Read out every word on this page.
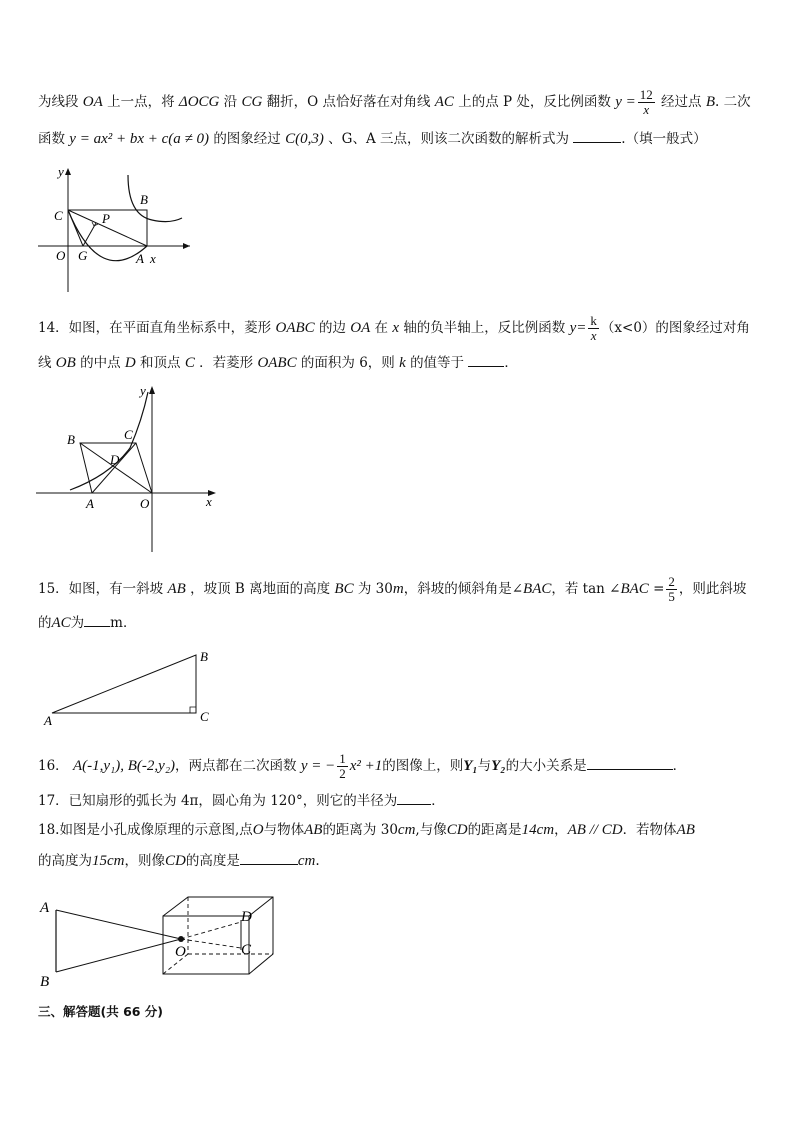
为线段 OA 上一点，将 ΔOCG 沿 CG 翻折，O 点恰好落在对角线 AC 上的点 P 处，反比例函数 $y = \frac{12}{x}$ 经过点 B. 二次
函数 y = ax² + bx + c(a ≠ 0) 的图象经过 C(0,3) 、G、A 三点，则该二次函数的解析式为	.（填一般式）
y
x
C
B
P
O G	A
14．如图，在平面直角坐标系中，菱形 OABC 的边 OA 在 x 轴的负半轴上，反比例函数 $y= \frac{k}{x} (x<0)$的图象经过对角
线 OB 的中点 D 和顶点 C ．若菱形 OABC 的面积为 6，则 k 的值等于	．
B	C
D
A	O	x
y
15．如图，有一斜坡 AB ，坡顶 B 离地面的高度 BC 为 30m，斜坡的倾斜角是∠BAC，若 tan ∠BAC = $\frac{2}{5}$ ，则此斜坡
的AC为 m．
A
B
C
16． A(-1,y₁), B(-2,y₂)，两点都在二次函数 y = − $\frac{1}{2} x^2 +1$的图像上，则Y₁与Y₂的大小关系是	．
17．已知扇形的弧长为 4π，圆心角为 120°，则它的半径为	．
18.如图是小孔成像原理的示意图,点O与物体AB的距离为 30cm,与像CD的距离是14cm，AB // CD．若物体AB
的高度为15cm，则像CD的高度是	cm.
A
B
O
D
C
三、解答题(共 66 分)
